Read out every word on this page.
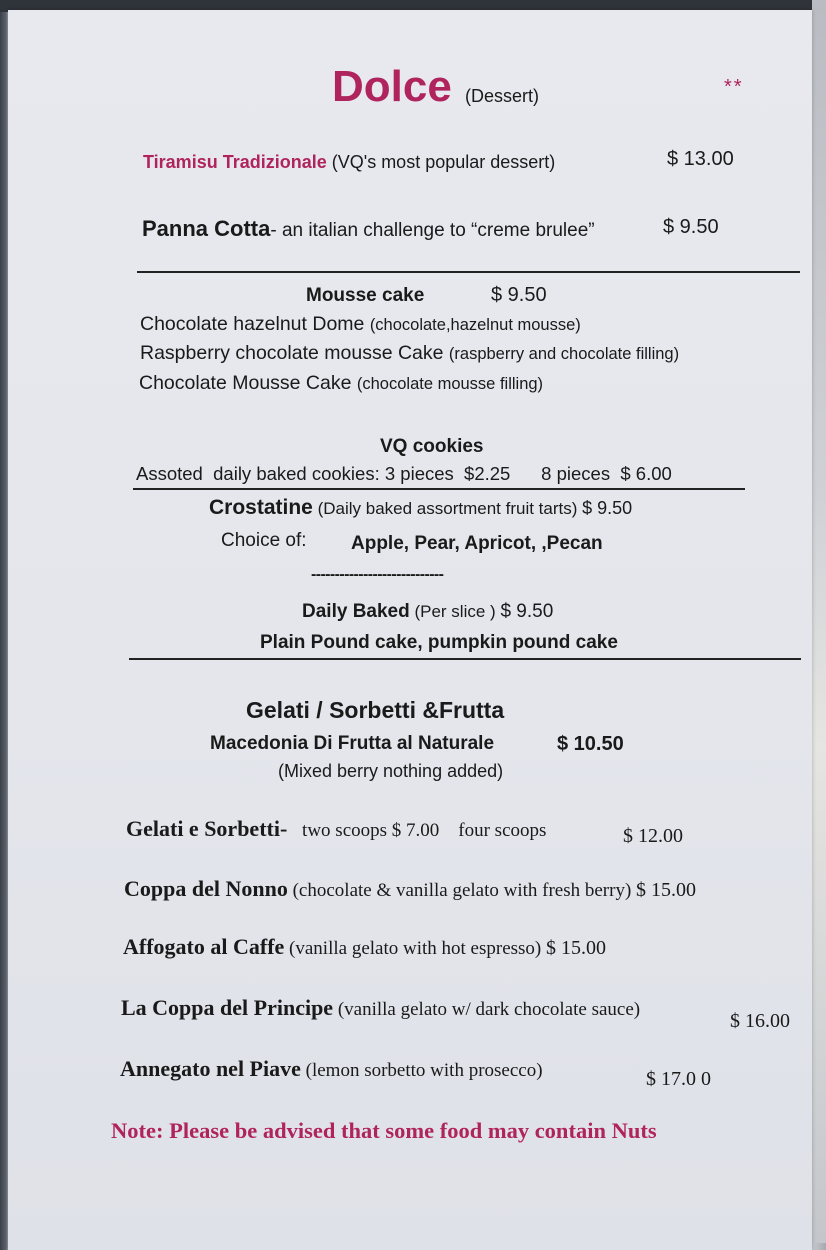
Dolce (Dessert)	**
Tiramisu Tradizionale (VQ's most popular dessert)	$ 13.00
Panna Cotta- an italian challenge to “creme brulee”	$ 9.50
Mousse cake	$ 9.50
Chocolate hazelnut Dome (chocolate,hazelnut mousse)
Raspberry chocolate mousse Cake (raspberry and chocolate filling)
Chocolate Mousse Cake (chocolate mousse filling)
VQ cookies
Assoted  daily baked cookies: 3 pieces  $2.25      8 pieces  $ 6.00
Crostatine (Daily baked assortment fruit tarts) $ 9.50
Choice of: Apple, Pear, Apricot, ,Pecan
----------------------------
Daily Baked (Per slice ) $ 9.50
Plain Pound cake, pumpkin pound cake
Gelati / Sorbetti &Frutta
Macedonia Di Frutta al Naturale	$ 10.50
(Mixed berry nothing added)
Gelati e Sorbetti- two scoops $ 7.00    four scoops	$ 12.00
Coppa del Nonno (chocolate & vanilla gelato with fresh berry) $ 15.00
Affogato al Caffe (vanilla gelato with hot espresso) $ 15.00
La Coppa del Principe (vanilla gelato w/ dark chocolate sauce)
$ 16.00
Annegato nel Piave (lemon sorbetto with prosecco)	$ 17.0 0
Note: Please be advised that some food may contain Nuts
